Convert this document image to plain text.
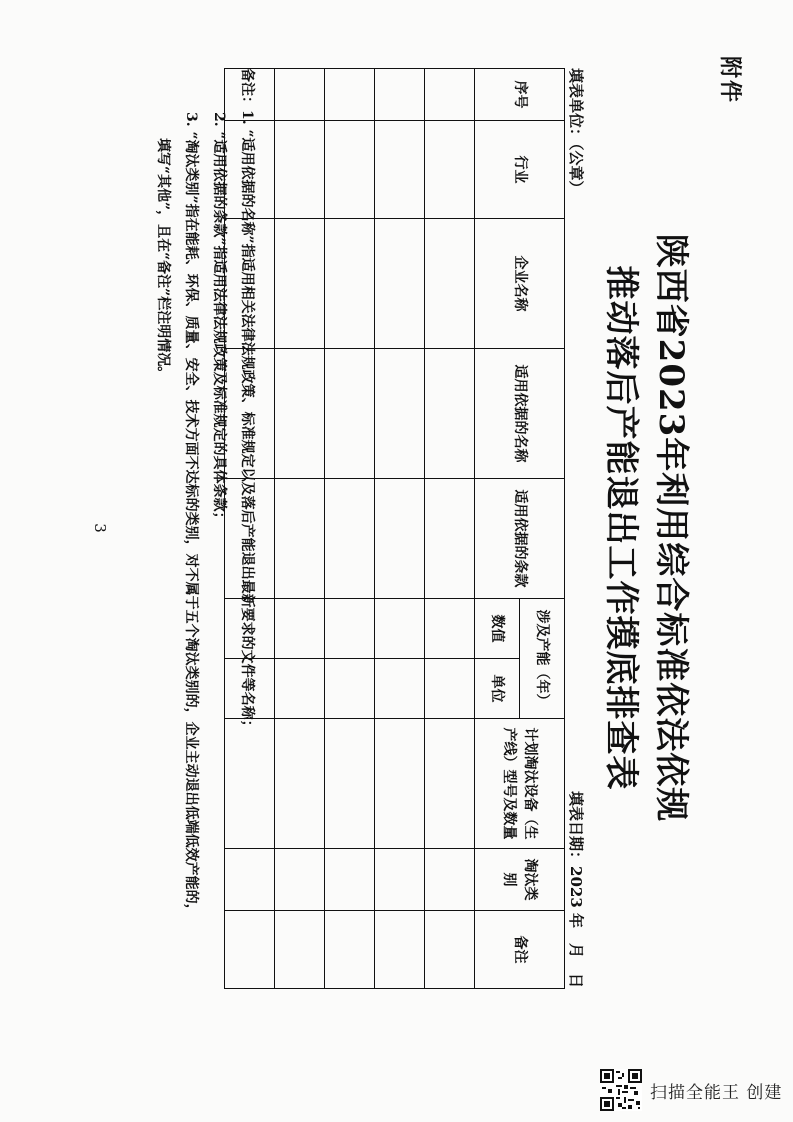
附件
陕西省2023年利用综合标准依法依规
推动落后产能退出工作摸底排查表
填表单位：（公章）
填表日期：2023 年　月　日
序号	行业	企业名称	适用依据的名称	适用依据的条款	涉及产能（年）		计划淘汰设备（生产线）型号及数量	淘汰类别	备注
					数值	单位			

备注：1. “适用依据的名称”指适用相关法律法规政策、标准规定以及落后产能退出最新要求的文件等名称；
2. “适用依据的条款”指适用法律法规政策及标准规定的具体条款；
3. “淘汰类别”指在能耗、环保、质量、安全、技术方面不达标的类别，对不属于五个淘汰类别的，企业主动退出低端低效产能的，
填写“其他”，且在“备注”栏注明情况。
3
扫描全能王 创建
